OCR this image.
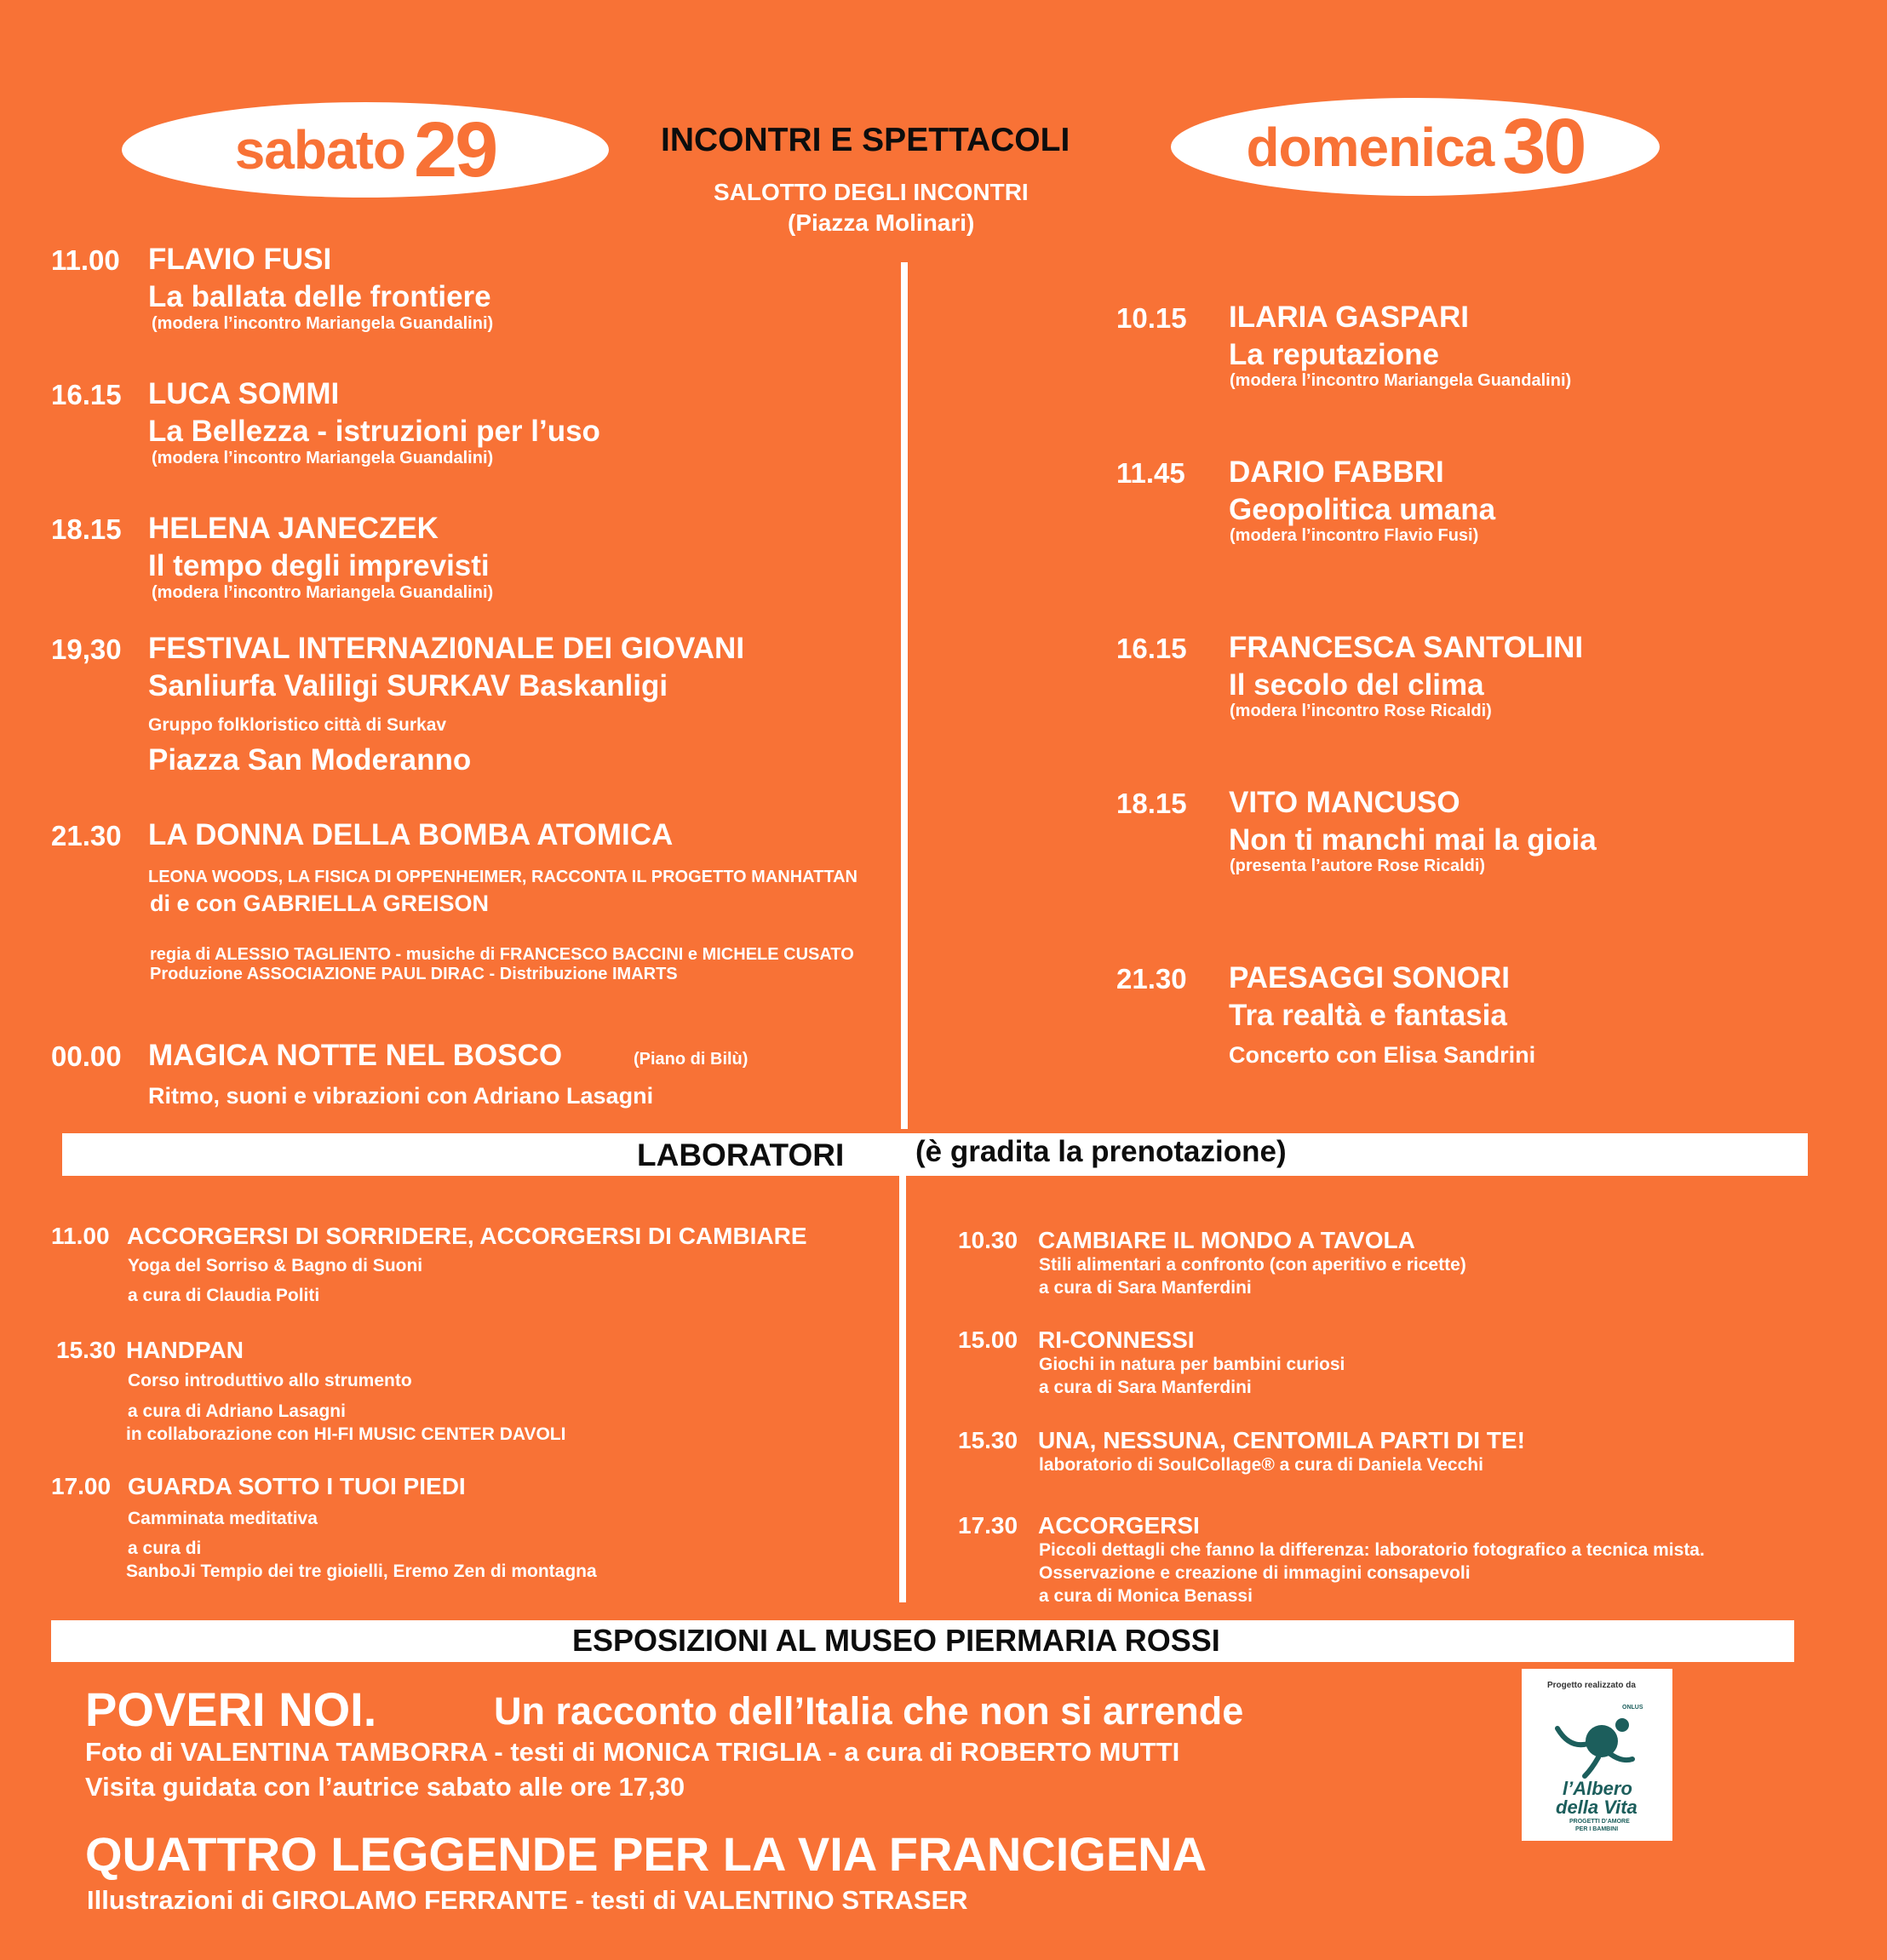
sabato 29	domenica 30
INCONTRI E SPETTACOLI
SALOTTO DEGLI INCONTRI
(Piazza Molinari)
11.00 FLAVIO FUSI
La ballata delle frontiere
(modera l’incontro Mariangela Guandalini)
16.15 LUCA SOMMI
La Bellezza - istruzioni per l’uso
(modera l’incontro Mariangela Guandalini)
18.15 HELENA JANECZEK
Il tempo degli imprevisti
(modera l’incontro Mariangela Guandalini)
19,30 FESTIVAL INTERNAZI0NALE DEI GIOVANI
Sanliurfa Valiligi SURKAV Baskanligi
Gruppo folkloristico città di Surkav
Piazza San Moderanno
21.30 LA DONNA DELLA BOMBA ATOMICA
LEONA WOODS, LA FISICA DI OPPENHEIMER, RACCONTA IL PROGETTO MANHATTAN
di e con GABRIELLA GREISON
regia di ALESSIO TAGLIENTO - musiche di FRANCESCO BACCINI e MICHELE CUSATO
Produzione ASSOCIAZIONE PAUL DIRAC - Distribuzione IMARTS
00.00 MAGICA NOTTE NEL BOSCO	(Piano di Bilù)
Ritmo, suoni e vibrazioni con Adriano Lasagni
10.15 ILARIA GASPARI
La reputazione
(modera l’incontro Mariangela Guandalini)
11.45 DARIO FABBRI
Geopolitica umana
(modera l’incontro Flavio Fusi)
16.15 FRANCESCA SANTOLINI
Il secolo del clima
(modera l’incontro Rose Ricaldi)
18.15 VITO MANCUSO
Non ti manchi mai la gioia
(presenta l’autore Rose Ricaldi)
21.30 PAESAGGI SONORI
Tra realtà e fantasia
Concerto con Elisa Sandrini
LABORATORI (è gradita la prenotazione)
11.00 ACCORGERSI DI SORRIDERE, ACCORGERSI DI CAMBIARE
Yoga del Sorriso & Bagno di Suoni
a cura di Claudia Politi
15.30 HANDPAN
Corso introduttivo allo strumento
a cura di Adriano Lasagni
in collaborazione con HI-FI MUSIC CENTER DAVOLI
17.00 GUARDA SOTTO I TUOI PIEDI
Camminata meditativa
a cura di
SanboJi Tempio dei tre gioielli, Eremo Zen di montagna
10.30 CAMBIARE IL MONDO A TAVOLA
Stili alimentari a confronto (con aperitivo e ricette)
a cura di Sara Manferdini
15.00 RI-CONNESSI
Giochi in natura per bambini curiosi
a cura di Sara Manferdini
15.30 UNA, NESSUNA, CENTOMILA PARTI DI TE!
laboratorio di SoulCollage® a cura di Daniela Vecchi
17.30 ACCORGERSI
Piccoli dettagli che fanno la differenza: laboratorio fotografico a tecnica mista.
Osservazione e creazione di immagini consapevoli
a cura di Monica Benassi
ESPOSIZIONI AL MUSEO PIERMARIA ROSSI
POVERI NOI.	Un racconto dell’Italia che non si arrende
Foto di VALENTINA TAMBORRA - testi di MONICA TRIGLIA - a cura di ROBERTO MUTTI
Visita guidata con l’autrice sabato alle ore 17,30
QUATTRO LEGGENDE PER LA VIA FRANCIGENA
Illustrazioni di GIROLAMO FERRANTE - testi di VALENTINO STRASER
Progetto realizzato da
ONLUS
l’Albero
della Vita
PROGETTI D’AMORE
PER I BAMBINI
